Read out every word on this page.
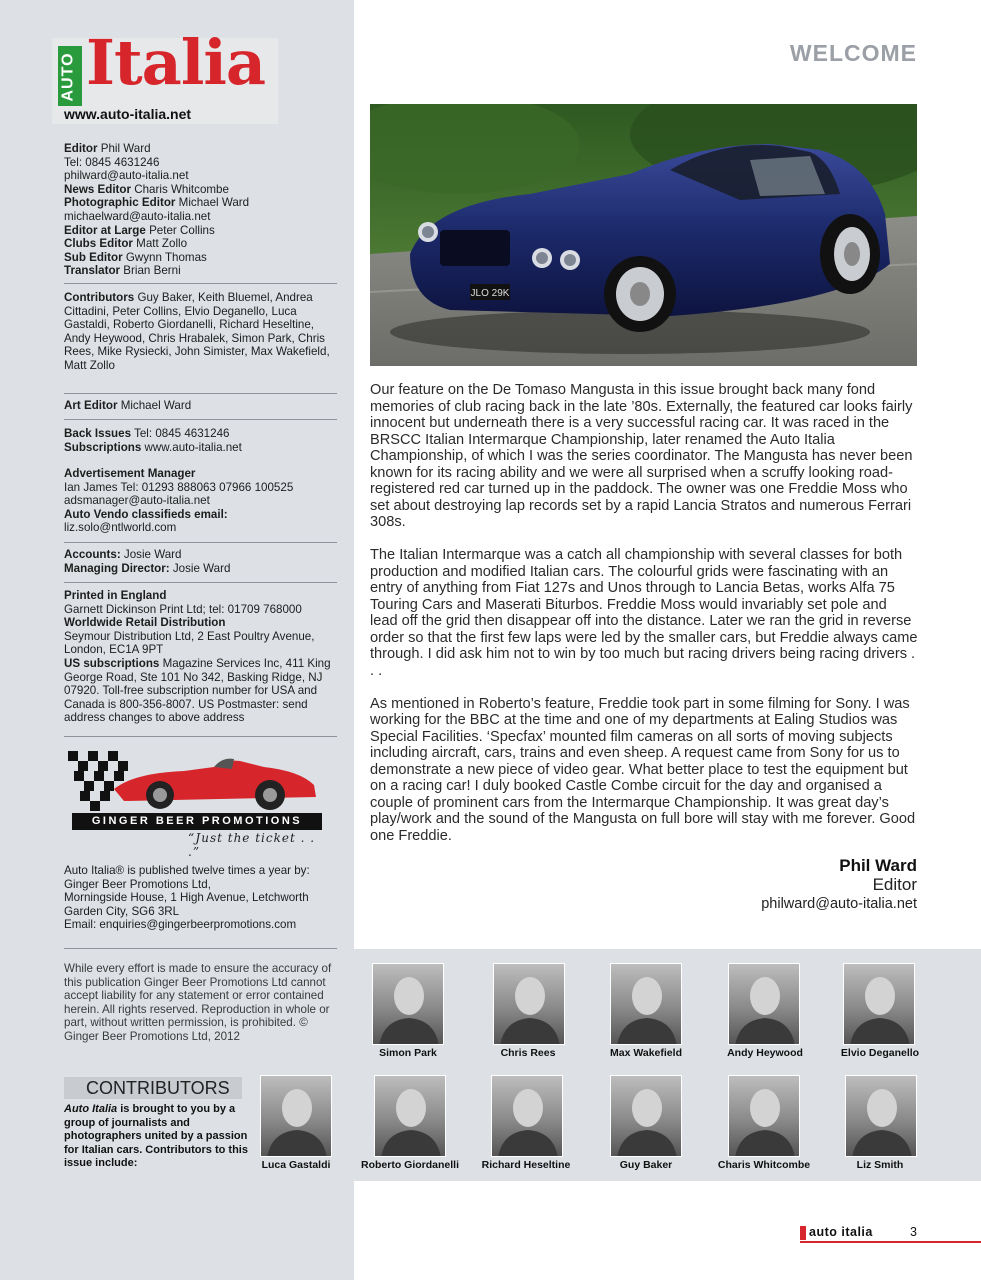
AUTO Italia
www.auto-italia.net
Editor Phil Ward
Tel: 0845 4631246
philward@auto-italia.net
News Editor Charis Whitcombe
Photographic Editor Michael Ward
michaelward@auto-italia.net
Editor at Large Peter Collins
Clubs Editor Matt Zollo
Sub Editor Gwynn Thomas
Translator Brian Berni
Contributors Guy Baker, Keith Bluemel, Andrea Cittadini, Peter Collins, Elvio Deganello, Luca Gastaldi, Roberto Giordanelli, Richard Heseltine, Andy Heywood, Chris Hrabalek, Simon Park, Chris Rees, Mike Rysiecki, John Simister, Max Wakefield, Matt Zollo
Art Editor Michael Ward
Back Issues Tel: 0845 4631246
Subscriptions www.auto-italia.net
Advertisement Manager
Ian James Tel: 01293 888063 07966 100525
adsmanager@auto-italia.net
Auto Vendo classifieds email:
liz.solo@ntlworld.com
Accounts: Josie Ward
Managing Director: Josie Ward
Printed in England
Garnett Dickinson Print Ltd; tel: 01709 768000
Worldwide Retail Distribution
Seymour Distribution Ltd, 2 East Poultry Avenue, London, EC1A 9PT
US subscriptions Magazine Services Inc, 411 King George Road, Ste 101 No 342, Basking Ridge, NJ 07920. Toll-free subscription number for USA and Canada is 800-356-8007. US Postmaster: send address changes to above address
GINGER BEER PROMOTIONS
“Just the ticket . . .”
Auto Italia® is published twelve times a year by:
Ginger Beer Promotions Ltd,
Morningside House, 1 High Avenue, Letchworth Garden City, SG6 3RL
Email: enquiries@gingerbeerpromotions.com
While every effort is made to ensure the accuracy of this publication Ginger Beer Promotions Ltd cannot accept liability for any statement or error contained herein. All rights reserved. Reproduction in whole or part, without written permission, is prohibited. © Ginger Beer Promotions Ltd, 2012
WELCOME
JLO 29K

Our feature on the De Tomaso Mangusta in this issue brought back many fond memories of club racing back in the late ’80s. Externally, the featured car looks fairly innocent but underneath there is a very successful racing car. It was raced in the BRSCC Italian Intermarque Championship, later renamed the Auto Italia Championship, of which I was the series coordinator. The Mangusta has never been known for its racing ability and we were all surprised when a scruffy looking road-registered red car turned up in the paddock. The owner was one Freddie Moss who set about destroying lap records set by a rapid Lancia Stratos and numerous Ferrari 308s.

The Italian Intermarque was a catch all championship with several classes for both production and modified Italian cars. The colourful grids were fascinating with an entry of anything from Fiat 127s and Unos through to Lancia Betas, works Alfa 75 Touring Cars and Maserati Biturbos. Freddie Moss would invariably set pole and lead off the grid then disappear off into the distance. Later we ran the grid in reverse order so that the first few laps were led by the smaller cars, but Freddie always came through. I did ask him not to win by too much but racing drivers being racing drivers . . .

As mentioned in Roberto’s feature, Freddie took part in some filming for Sony. I was working for the BBC at the time and one of my departments at Ealing Studios was Special Facilities. ‘Specfax’ mounted film cameras on all sorts of moving subjects including aircraft, cars, trains and even sheep. A request came from Sony for us to demonstrate a new piece of video gear. What better place to test the equipment but on a racing car! I duly booked Castle Combe circuit for the day and organised a couple of prominent cars from the Intermarque Championship. It was great day’s play/work and the sound of the Mangusta on full bore will stay with me forever. Good one Freddie.

Phil Ward
Editor
philward@auto-italia.net
CONTRIBUTORS
Auto Italia is brought to you by a group of journalists and photographers united by a passion for Italian cars. Contributors to this issue include:
Simon Park	Chris Rees	Max Wakefield	Andy Heywood	Elvio Deganello
Luca Gastaldi	Roberto Giordanelli	Richard Heseltine	Guy Baker	Charis Whitcombe	Liz Smith
auto italia	3
